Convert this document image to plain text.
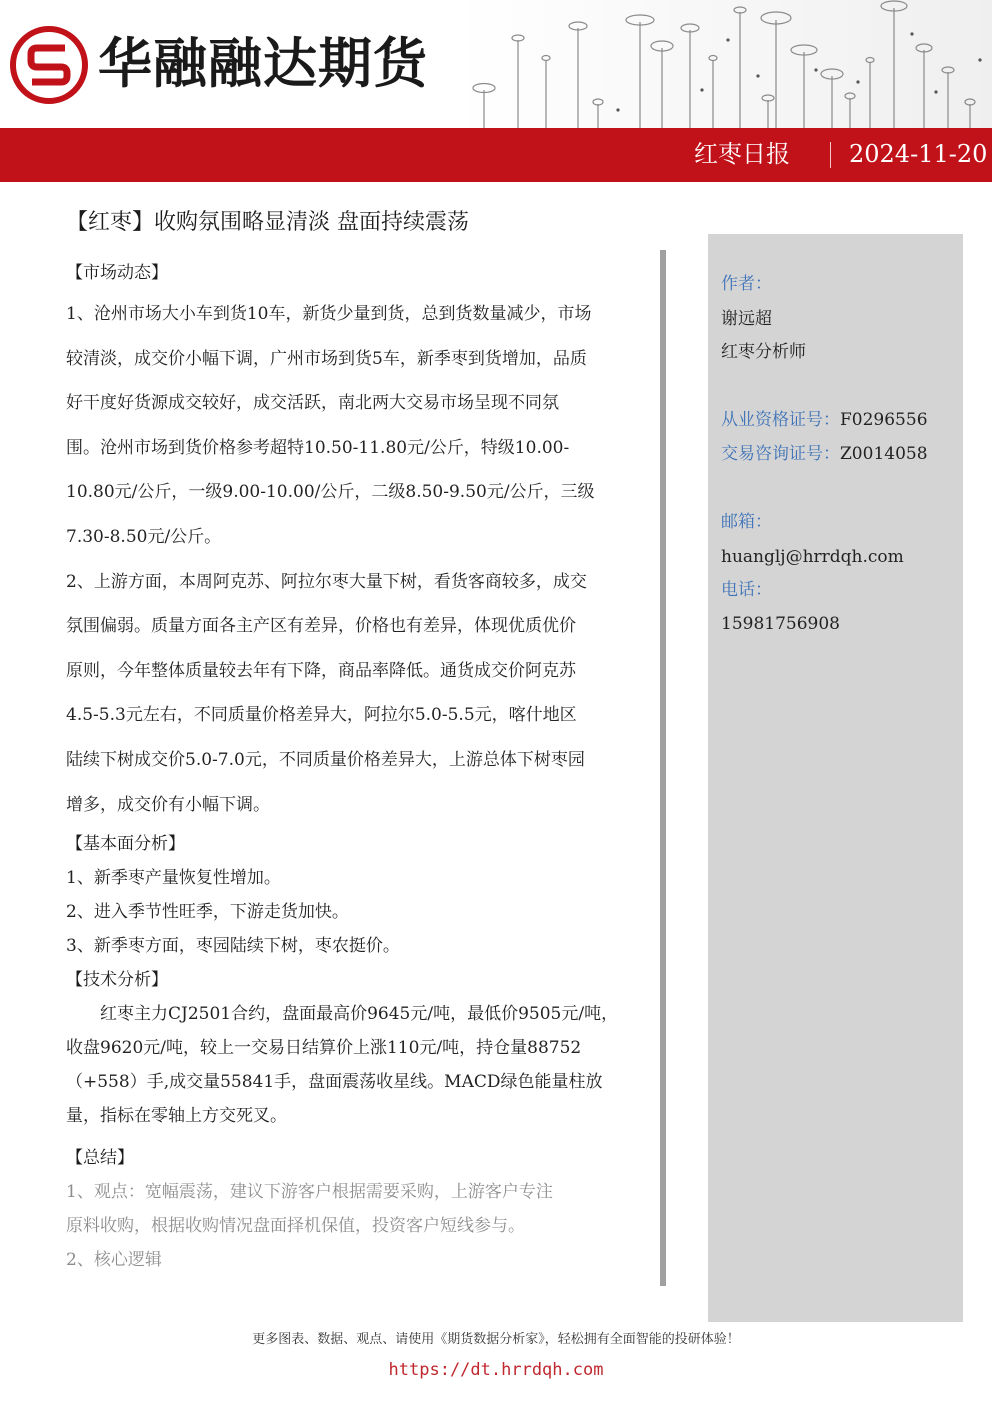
华融融达期货
红枣日报 2024-11-20
【红枣】收购氛围略显清淡 盘面持续震荡
【市场动态】
1、沧州市场大小车到货10车，新货少量到货，总到货数量减少，市场
较清淡，成交价小幅下调，广州市场到货5车，新季枣到货增加，品质
好干度好货源成交较好，成交活跃，南北两大交易市场呈现不同氛
围。沧州市场到货价格参考超特10.50-11.80元/公斤，特级10.00-
10.80元/公斤，一级9.00-10.00/公斤，二级8.50-9.50元/公斤，三级
7.30-8.50元/公斤。
2、上游方面，本周阿克苏、阿拉尔枣大量下树，看货客商较多，成交
氛围偏弱。质量方面各主产区有差异，价格也有差异，体现优质优价
原则，今年整体质量较去年有下降，商品率降低。通货成交价阿克苏
4.5-5.3元左右，不同质量价格差异大，阿拉尔5.0-5.5元，喀什地区
陆续下树成交价5.0-7.0元，不同质量价格差异大，上游总体下树枣园
增多，成交价有小幅下调。
【基本面分析】
1、新季枣产量恢复性增加。
2、进入季节性旺季，下游走货加快。
3、新季枣方面，枣园陆续下树，枣农挺价。
【技术分析】
　　红枣主力CJ2501合约，盘面最高价9645元/吨，最低价9505元/吨，
收盘9620元/吨，较上一交易日结算价上涨110元/吨，持仓量88752
（+558）手,成交量55841手，盘面震荡收星线。MACD绿色能量柱放
量，指标在零轴上方交死叉。
【总结】
1、观点：宽幅震荡，建议下游客户根据需要采购，上游客户专注
原料收购，根据收购情况盘面择机保值，投资客户短线参与。
2、核心逻辑
作者：
谢远超
红枣分析师
从业资格证号：F0296556
交易咨询证号：Z0014058
邮箱：
huanglj@hrrdqh.com
电话：
15981756908
更多图表、数据、观点、请使用《期货数据分析家》，轻松拥有全面智能的投研体验！
https://dt.hrrdqh.com
